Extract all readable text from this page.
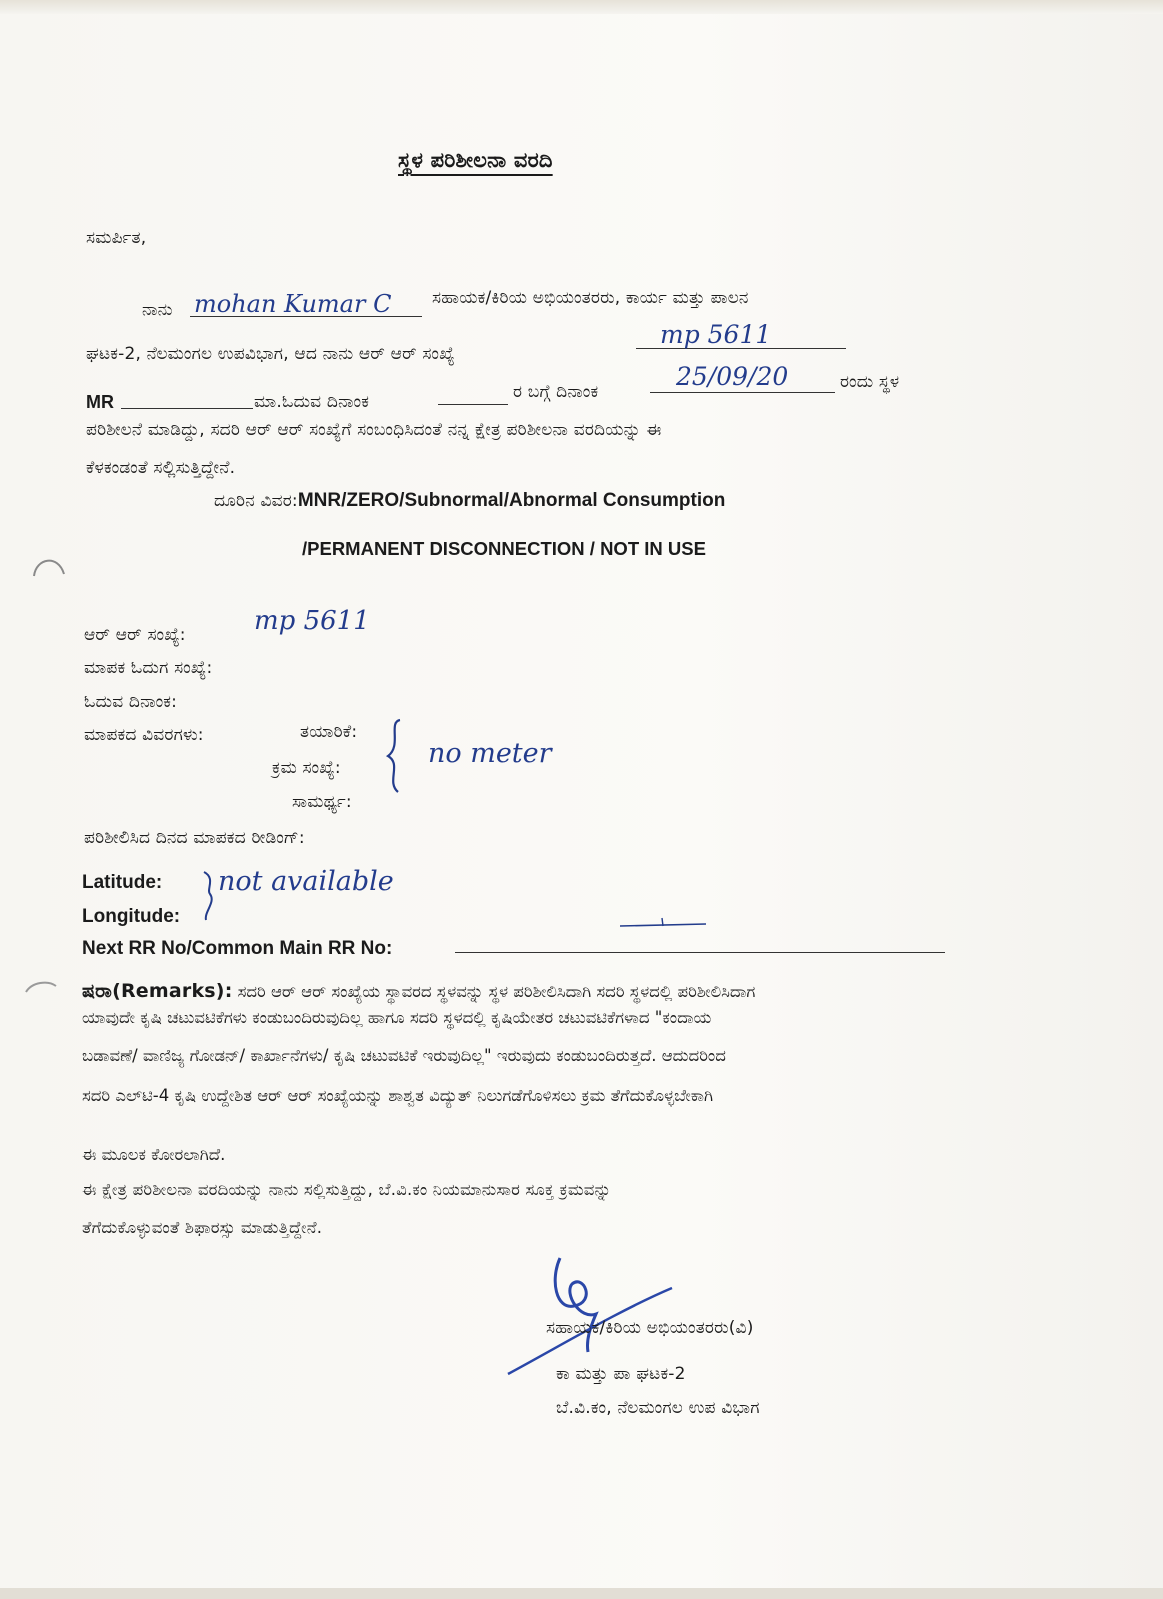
ಸ್ಥಳ ಪರಿಶೀಲನಾ ವರದಿ
ಸಮರ್ಪಿತ,
ನಾನು mohan Kumar C ಸಹಾಯಕ/ಕಿರಿಯ ಅಭಿಯಂತರರು, ಕಾರ್ಯ ಮತ್ತು ಪಾಲನ
ಘಟಕ-2, ನೆಲಮಂಗಲ ಉಪವಿಭಾಗ, ಆದ ನಾನು ಆರ್ ಆರ್ ಸಂಖ್ಯೆ
mp 5611
MR	ಮಾ.ಓದುವ ದಿನಾಂಕ	ರ ಬಗ್ಗೆ ದಿನಾಂಕ
25/09/20	ರಂದು ಸ್ಥಳ
ಪರಿಶೀಲನೆ ಮಾಡಿದ್ದು, ಸದರಿ ಆರ್ ಆರ್ ಸಂಖ್ಯೆಗೆ ಸಂಬಂಧಿಸಿದಂತೆ ನನ್ನ ಕ್ಷೇತ್ರ ಪರಿಶೀಲನಾ ವರದಿಯನ್ನು ಈ
ಕೆಳಕಂಡಂತೆ ಸಲ್ಲಿಸುತ್ತಿದ್ದೇನೆ.
ದೂರಿನ ವಿವರ:MNR/ZERO/Subnormal/Abnormal Consumption
/PERMANENT DISCONNECTION / NOT IN USE
ಆರ್ ಆರ್ ಸಂಖ್ಯೆ:	mp 5611
ಮಾಪಕ ಓದುಗ ಸಂಖ್ಯೆ:
ಓದುವ ದಿನಾಂಕ:
ಮಾಪಕದ ವಿವರಗಳು:	ತಯಾರಿಕೆ:
ಕ್ರಮ ಸಂಖ್ಯೆ:
ಸಾಮರ್ಥ್ಯ:
no meter
ಪರಿಶೀಲಿಸಿದ ದಿನದ ಮಾಪಕದ ರೀಡಿಂಗ್:
Latitude:
Longitude:
not available
Next RR No/Common Main RR No:
ಷರಾ(Remarks): ಸದರಿ ಆರ್ ಆರ್ ಸಂಖ್ಯೆಯ ಸ್ಥಾವರದ ಸ್ಥಳವನ್ನು ಸ್ಥಳ ಪರಿಶೀಲಿಸಿದಾಗಿ ಸದರಿ ಸ್ಥಳದಲ್ಲಿ ಪರಿಶೀಲಿಸಿದಾಗ
ಯಾವುದೇ ಕೃಷಿ ಚಟುವಟಿಕೆಗಳು ಕಂಡುಬಂದಿರುವುದಿಲ್ಲ ಹಾಗೂ ಸದರಿ ಸ್ಥಳದಲ್ಲಿ ಕೃಷಿಯೇತರ ಚಟುವಟಿಕೆಗಳಾದ "ಕಂದಾಯ
ಬಡಾವಣೆ/ ವಾಣಿಜ್ಯ ಗೋಡನ್/ ಕಾರ್ಖಾನೆಗಳು/ ಕೃಷಿ ಚಟುವಟಿಕೆ ಇರುವುದಿಲ್ಲ" ಇರುವುದು ಕಂಡುಬಂದಿರುತ್ತದೆ. ಆದುದರಿಂದ
ಸದರಿ ಎಲ್‌ಟಿ-4 ಕೃಷಿ ಉದ್ದೇಶಿತ ಆರ್ ಆರ್ ಸಂಖ್ಯೆಯನ್ನು ಶಾಶ್ವತ ವಿದ್ಯುತ್ ನಿಲುಗಡೆಗೊಳಿಸಲು ಕ್ರಮ ತೆಗೆದುಕೊಳ್ಳಬೇಕಾಗಿ
ಈ ಮೂಲಕ ಕೋರಲಾಗಿದೆ.
ಈ ಕ್ಷೇತ್ರ ಪರಿಶೀಲನಾ ವರದಿಯನ್ನು ನಾನು ಸಲ್ಲಿಸುತ್ತಿದ್ದು, ಬೆ.ವಿ.ಕಂ ನಿಯಮಾನುಸಾರ ಸೂಕ್ತ ಕ್ರಮವನ್ನು
ತೆಗೆದುಕೊಳ್ಳುವಂತೆ ಶಿಫಾರಸ್ಸು ಮಾಡುತ್ತಿದ್ದೇನೆ.
ಸಹಾಯಕ/ಕಿರಿಯ ಅಭಿಯಂತರರು(ವಿ)
ಕಾ ಮತ್ತು ಪಾ ಘಟಕ-2
ಬೆ.ವಿ.ಕಂ, ನೆಲಮಂಗಲ ಉಪ ವಿಭಾಗ
